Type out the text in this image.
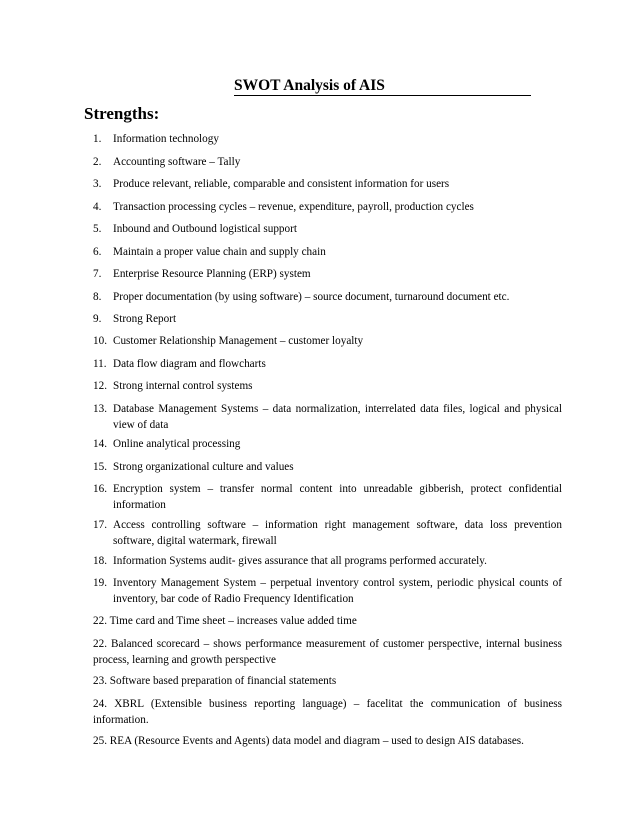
SWOT Analysis of AIS
Strengths:
1. Information technology
2. Accounting software – Tally
3. Produce relevant, reliable, comparable and consistent information for users
4. Transaction processing cycles – revenue, expenditure, payroll, production cycles
5. Inbound and Outbound logistical support
6. Maintain a proper value chain and supply chain
7. Enterprise Resource Planning (ERP) system
8. Proper documentation (by using software) – source document, turnaround document etc.
9. Strong Report
10. Customer Relationship Management – customer loyalty
11. Data flow diagram and flowcharts
12. Strong internal control systems
13. Database Management Systems – data normalization, interrelated data files, logical and physical
view of data
14. Online analytical processing
15. Strong organizational culture and values
16. Encryption system – transfer normal content into unreadable gibberish, protect confidential
information
17. Access controlling software – information right management software, data loss prevention
software, digital watermark, firewall
18. Information Systems audit- gives assurance that all programs performed accurately.
19. Inventory Management System – perpetual inventory control system, periodic physical counts of
inventory, bar code of Radio Frequency Identification
22. Time card and Time sheet – increases value added time
22. Balanced scorecard – shows performance measurement of customer perspective, internal business
process, learning and growth perspective
23. Software based preparation of financial statements
24. XBRL (Extensible business reporting language) – facelitat the communication of business
information.
25. REA (Resource Events and Agents) data model and diagram – used to design AIS databases.
